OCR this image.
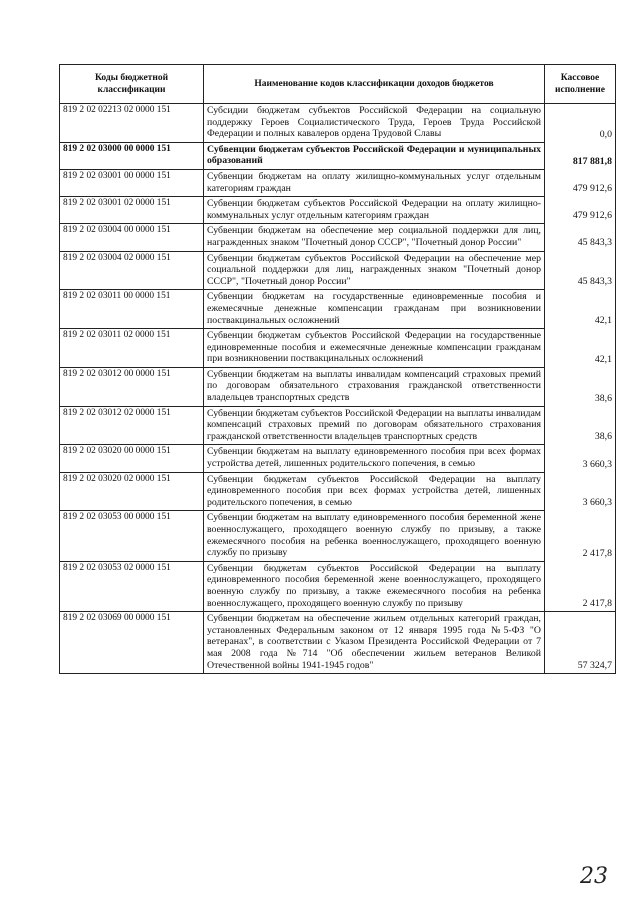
Коды бюджетной классификации	Наименование кодов классификации доходов бюджетов	Кассовое исполнение
819 2 02 02213 02 0000 151	Субсидии бюджетам субъектов Российской Федерации на социальную поддержку Героев Социалистического Труда, Героев Труда Российской Федерации и полных кавалеров ордена Трудовой Славы	0,0
819 2 02 03000 00 0000 151	Субвенции бюджетам субъектов Российской Федерации и муниципальных образований	817 881,8
819 2 02 03001 00 0000 151	Субвенции бюджетам на оплату жилищно-коммунальных услуг отдельным категориям граждан	479 912,6
819 2 02 03001 02 0000 151	Субвенции бюджетам субъектов Российской Федерации на оплату жилищно-коммунальных услуг отдельным категориям граждан	479 912,6
819 2 02 03004 00 0000 151	Субвенции бюджетам на обеспечение мер социальной поддержки для лиц, награжденных знаком "Почетный донор СССР", "Почетный донор России"	45 843,3
819 2 02 03004 02 0000 151	Субвенции бюджетам субъектов Российской Федерации на обеспечение мер социальной поддержки для лиц, награжденных знаком "Почетный донор СССР", "Почетный донор России"	45 843,3
819 2 02 03011 00 0000 151	Субвенции бюджетам на государственные единовременные пособия и ежемесячные денежные компенсации гражданам при возникновении поствакцинальных осложнений	42,1
819 2 02 03011 02 0000 151	Субвенции бюджетам субъектов Российской Федерации на государственные единовременные пособия и ежемесячные денежные компенсации гражданам при возникновении поствакцинальных осложнений	42,1
819 2 02 03012 00 0000 151	Субвенции бюджетам на выплаты инвалидам компенсаций страховых премий по договорам обязательного страхования гражданской ответственности владельцев транспортных средств	38,6
819 2 02 03012 02 0000 151	Субвенции бюджетам субъектов Российской Федерации на выплаты инвалидам компенсаций страховых премий по договорам обязательного страхования гражданской ответственности владельцев транспортных средств	38,6
819 2 02 03020 00 0000 151	Субвенции бюджетам на выплату единовременного пособия при всех формах устройства детей, лишенных родительского попечения, в семью	3 660,3
819 2 02 03020 02 0000 151	Субвенции бюджетам субъектов Российской Федерации на выплату единовременного пособия при всех формах устройства детей, лишенных родительского попечения, в семью	3 660,3
819 2 02 03053 00 0000 151	Субвенции бюджетам на выплату единовременного пособия беременной жене военнослужащего, проходящего военную службу по призыву, а также ежемесячного пособия на ребенка военнослужащего, проходящего военную службу по призыву	2 417,8
819 2 02 03053 02 0000 151	Субвенции бюджетам субъектов Российской Федерации на выплату единовременного пособия беременной жене военнослужащего, проходящего военную службу по призыву, а также ежемесячного пособия на ребенка военнослужащего, проходящего военную службу по призыву	2 417,8
819 2 02 03069 00 0000 151	Субвенции бюджетам на обеспечение жильем отдельных категорий граждан, установленных Федеральным законом от 12 января 1995 года №5-ФЗ "О ветеранах", в соответствии с Указом Президента Российской Федерации от 7 мая 2008 года №714 "Об обеспечении жильем ветеранов Великой Отечественной войны 1941-1945 годов"	57 324,7
23
